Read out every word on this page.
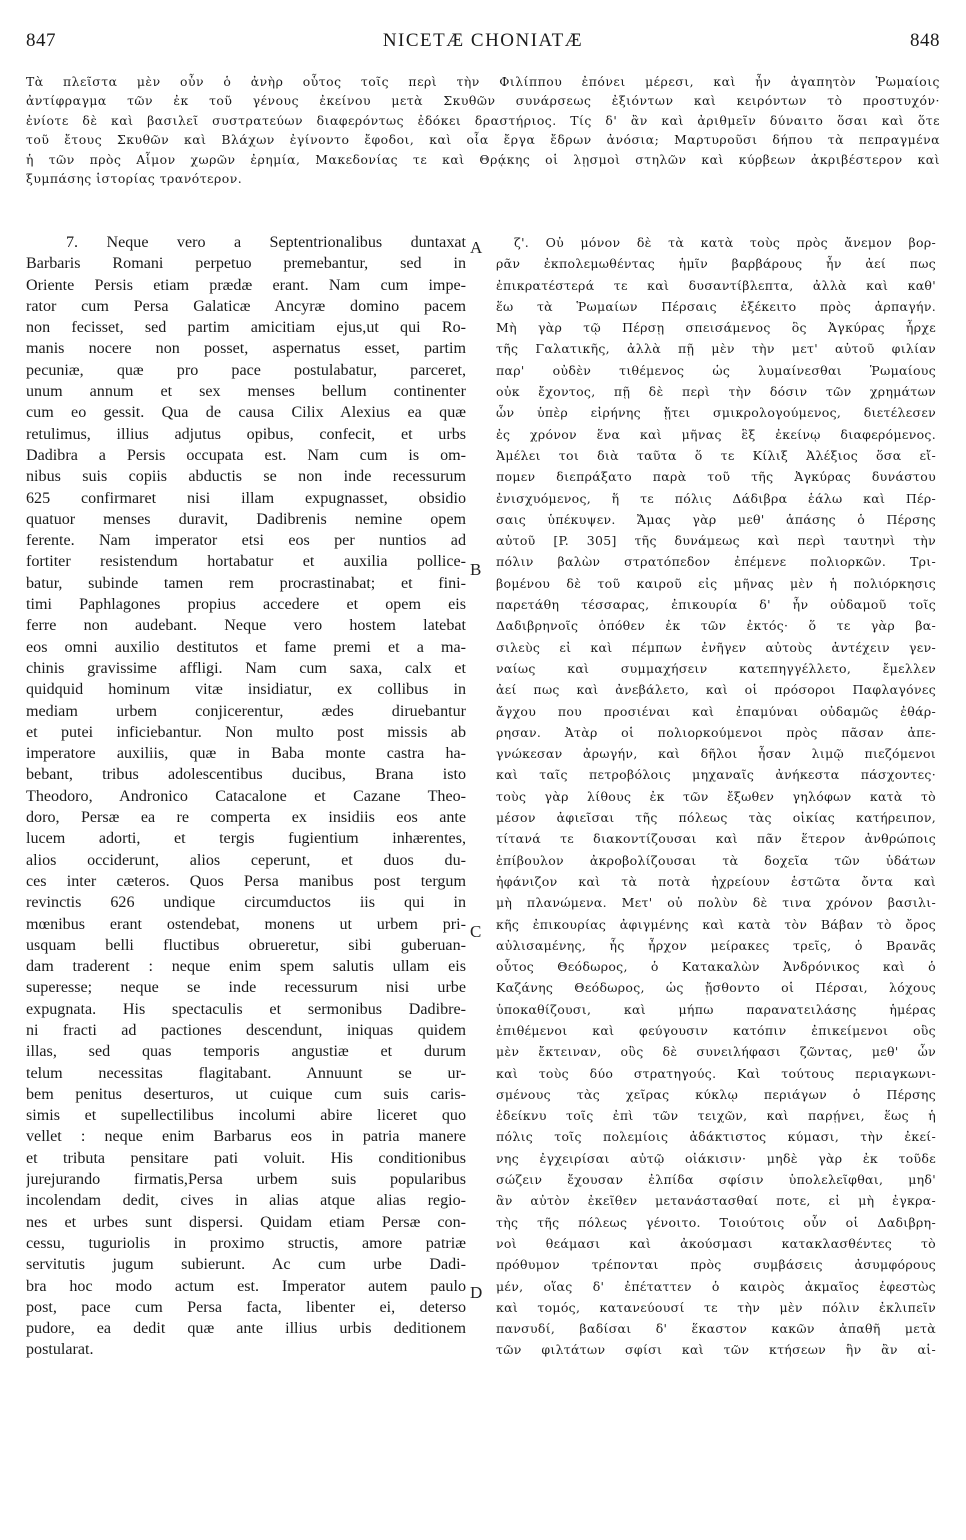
847	NICETÆ CHONIATÆ	848
Τὰ πλεῖστα μὲν οὖν ὁ ἀνὴρ οὗτος τοῖς περὶ τὴν Φιλίππου ἐπόνει μέρεσι, καὶ ἦν ἀγαπητὸν Ῥωμαίοις
ἀντίφραγμα τῶν ἐκ τοῦ γένους ἐκείνου μετὰ Σκυθῶν συνάρσεως ἐξιόντων καὶ κειρόντων τὸ προστυχόν·
ἐνίοτε δὲ καὶ βασιλεῖ συστρατεύων διαφερόντως ἐδόκει δραστήριος. Τίς δ' ἂν καὶ ἀριθμεῖν δύναιτο ὅσαι καὶ ὅτε
τοῦ ἔτους Σκυθῶν καὶ Βλάχων ἐγίνοντο ἔφοδοι, καὶ οἷα ἔργα ἔδρων ἀνόσια; Μαρτυροῦσι δήπου τὰ πεπραγμένα
ἡ τῶν πρὸς Αἷμον χωρῶν ἐρημία, Μακεδονίας τε καὶ Θρᾴκης οἱ λῃσμοὶ στηλῶν καὶ κύρβεων ἀκριβέστερον καὶ
ξυμπάσης ἱστορίας τρανότερον.
7. Neque vero a Septentrionalibus duntaxat
Barbaris Romani perpetuo premebantur, sed in
Oriente Persis etiam prædæ erant. Nam cum impe-
rator cum Persa Galaticæ Ancyræ domino pacem
non fecisset, sed partim amicitiam ejus,ut qui Ro-
manis nocere non posset, aspernatus esset, partim
pecuniæ, quæ pro pace postulabatur, parceret,
unum annum et sex menses bellum continenter
cum eo gessit. Qua de causa Cilix Alexius ea quæ
retulimus, illius adjutus opibus, confecit, et urbs
Dadibra a Persis occupata est. Nam cum is om-
nibus suis copiis abductis se non inde recessurum
625 confirmaret nisi illam expugnasset, obsidio
quatuor menses duravit, Dadibrenis nemine opem
ferente. Nam imperator etsi eos per nuntios ad
fortiter resistendum hortabatur et auxilia pollice-
batur, subinde tamen rem procrastinabat; et fini-
timi Paphlagones propius accedere et opem eis
ferre non audebant. Neque vero hostem latebat
eos omni auxilio destitutos et fame premi et a ma-
chinis gravissime affligi. Nam cum saxa, calx et
quidquid hominum vitæ insidiatur, ex collibus in
mediam urbem conjicerentur, ædes diruebantur
et putei inficiebantur. Non multo post missis ab
imperatore auxiliis, quæ in Baba monte castra ha-
bebant, tribus adolescentibus ducibus, Brana isto
Theodoro, Andronico Catacalone et Cazane Theo-
doro, Persæ ea re comperta ex insidiis eos ante
lucem adorti, et tergis fugientium inhærentes,
alios occiderunt, alios ceperunt, et duos du-
ces inter cæteros. Quos Persa manibus post tergum
revinctis 626 undique circumductos iis qui in
mœnibus erant ostendebat, monens ut urbem pri-
usquam belli fluctibus obrueretur, sibi guberuan-
dam traderent : neque enim spem salutis ullam eis
superesse; neque se inde recessurum nisi urbe
expugnata. His spectaculis et sermonibus Dadibre-
ni fracti ad pactiones descendunt, iniquas quidem
illas, sed quas temporis angustiæ et durum
telum necessitas flagitabant. Annuunt se ur-
bem penitus deserturos, ut cuique cum suis caris-
simis et supellectilibus incolumi abire liceret quo
vellet : neque enim Barbarus eos in patria manere
et tributa pensitare pati voluit. His conditionibus
jurejurando firmatis,Persa urbem suis popularibus
incolendam dedit, cives in alias atque alias regio-
nes et urbes sunt dispersi. Quidam etiam Persæ con-
cessu, tuguriolis in proximo structis, amore patriæ
servitutis jugum subierunt. Ac cum urbe Dadi-
bra hoc modo actum est. Imperator autem paulo
post, pace cum Persa facta, libenter ei, deterso
pudore, ea dedit quæ ante illius urbis deditionem
postularat.
ζ'. Οὐ μόνον δὲ τὰ κατὰ τοὺς πρὸς ἄνεμον βορ-
ρᾶν ἐκπολεμωθέντας ἡμῖν βαρβάρους ἦν ἀεί πως
ἐπικρατέστερά τε καὶ δυσαντίβλεπτα, ἀλλὰ καὶ καθ'
ἕω τὰ Ῥωμαίων Πέρσαις ἐξέκειτο πρὸς ἁρπαγήν.
Μὴ γὰρ τῷ Πέρσῃ σπεισάμενος ὃς Ἀγκύρας ἦρχε
τῆς Γαλατικῆς, ἀλλὰ πῇ μὲν τὴν μετ' αὐτοῦ φιλίαν
παρ' οὐδὲν τιθέμενος ὡς λυμαίνεσθαι Ῥωμαίους
οὐκ ἔχοντος, πῇ δὲ περὶ τὴν δόσιν τῶν χρημάτων
ὧν ὑπὲρ εἰρήνης ᾔτει σμικρολογούμενος, διετέλεσεν
ἐς χρόνον ἕνα καὶ μῆνας ἓξ ἐκείνῳ διαφερόμενος.
Ἀμέλει τοι διὰ ταῦτα ὅ τε Κίλιξ Ἀλέξιος ὅσα εἴ-
πομεν διεπράξατο παρὰ τοῦ τῆς Ἀγκύρας δυνάστου
ἐνισχυόμενος, ἥ τε πόλις Δάδιβρα ἑάλω καὶ Πέρ-
σαις ὑπέκυψεν. Ἄμας γὰρ μεθ' ἁπάσης ὁ Πέρσης
αὐτοῦ [P. 305] τῆς δυνάμεως καὶ περὶ ταυτηνὶ τὴν
πόλιν βαλὼν στρατόπεδον ἐπέμενε πολιορκῶν. Τρι-
βομένου δὲ τοῦ καιροῦ εἰς μῆνας μὲν ἡ πολιόρκησις
παρετάθη τέσσαρας, ἐπικουρία δ' ἦν οὐδαμοῦ τοῖς
Δαδιβρηνοῖς ὁπόθεν ἐκ τῶν ἐκτός· ὅ τε γὰρ βα-
σιλεὺς εἰ καὶ πέμπων ἐνῆγεν αὐτοὺς ἀντέχειν γεν-
ναίως καὶ συμμαχήσειν κατεπηγγέλλετο, ἔμελλεν
ἀεί πως καὶ ἀνεβάλετο, καὶ οἱ πρόσοροι Παφλαγόνες
ἄγχου που προσιέναι καὶ ἐπαμύναι οὐδαμῶς ἐθάρ-
ρησαν. Ἀτὰρ οἱ πολιορκούμενοι πρὸς πᾶσαν ἀπε-
γνώκεσαν ἀρωγήν, καὶ δῆλοι ἦσαν λιμῷ πιεζόμενοι
καὶ ταῖς πετροβόλοις μηχαναῖς ἀνήκεστα πάσχοντες·
τοὺς γὰρ λίθους ἐκ τῶν ἔξωθεν γηλόφων κατὰ τὸ
μέσον ἀφιεῖσαι τῆς πόλεως τὰς οἰκίας κατήρειπον,
τίτανά τε διακοντίζουσαι καὶ πᾶν ἕτερον ἀνθρώποις
ἐπίβουλον ἀκροβολίζουσαι τὰ δοχεῖα τῶν ὑδάτων
ἠφάνιζον καὶ τὰ ποτὰ ἠχρείουν ἑστῶτα ὄντα καὶ
μὴ πλανώμενα. Μετ' οὐ πολὺν δὲ τινα χρόνον βασιλι-
κῆς ἐπικουρίας ἀφιγμένης καὶ κατὰ τὸν Βάβαν τὸ ὄρος
αὐλισαμένης, ἧς ἦρχον μείρακες τρεῖς, ὁ Βρανᾶς
οὗτος Θεόδωρος, ὁ Κατακαλὼν Ἀνδρόνικος καὶ ὁ
Καζάνης Θεόδωρος, ὡς ᾔσθοντο οἱ Πέρσαι, λόχους
ὑποκαθίζουσι, καὶ μήπω παρανατειλάσης ἡμέρας
ἐπιθέμενοι καὶ φεύγουσιν κατόπιν ἐπικείμενοι οὓς
μὲν ἔκτειναν, οὓς δὲ συνειλήφασι ζῶντας, μεθ' ὧν
καὶ τοὺς δύο στρατηγούς. Καὶ τούτους περιαγκωνι-
σμένους τὰς χεῖρας κύκλῳ περιάγων ὁ Πέρσης
ἐδείκνυ τοῖς ἐπὶ τῶν τειχῶν, καὶ παρῄνει, ἕως ἡ
πόλις τοῖς πολεμίοις ἀδάκτιστος κύμασι, τὴν ἐκεί-
νης ἐγχειρίσαι αὐτῷ οἰάκισιν· μηδὲ γὰρ ἐκ τοῦδε
σώζειν ἔχουσαν ἐλπίδα σφίσιν ὑπολελεῖφθαι, μηδ'
ἂν αὐτὸν ἐκεῖθεν μετανάστασθαί ποτε, εἰ μὴ ἐγκρα-
τὴς τῆς πόλεως γένοιτο. Τοιούτοις οὖν οἱ Δαδιβρη-
νοὶ θεάμασι καὶ ἀκούσμασι κατακλασθέντες τὸ
πρόθυμον τρέπονται πρὸς συμβάσεις ἀσυμφόρους
μέν, οἵας δ' ἐπέταττεν ὁ καιρὸς ἀκμαῖος ἐφεστὼς
καὶ τομός, κατανεύουσί τε τὴν μὲν πόλιν ἐκλιπεῖν
πανσυδί, βαδίσαι δ' ἕκαστον κακῶν ἀπαθῆ μετὰ
τῶν φιλτάτων σφίσι καὶ τῶν κτήσεων ἣν ἂν αἱ-
A
B
C
D
